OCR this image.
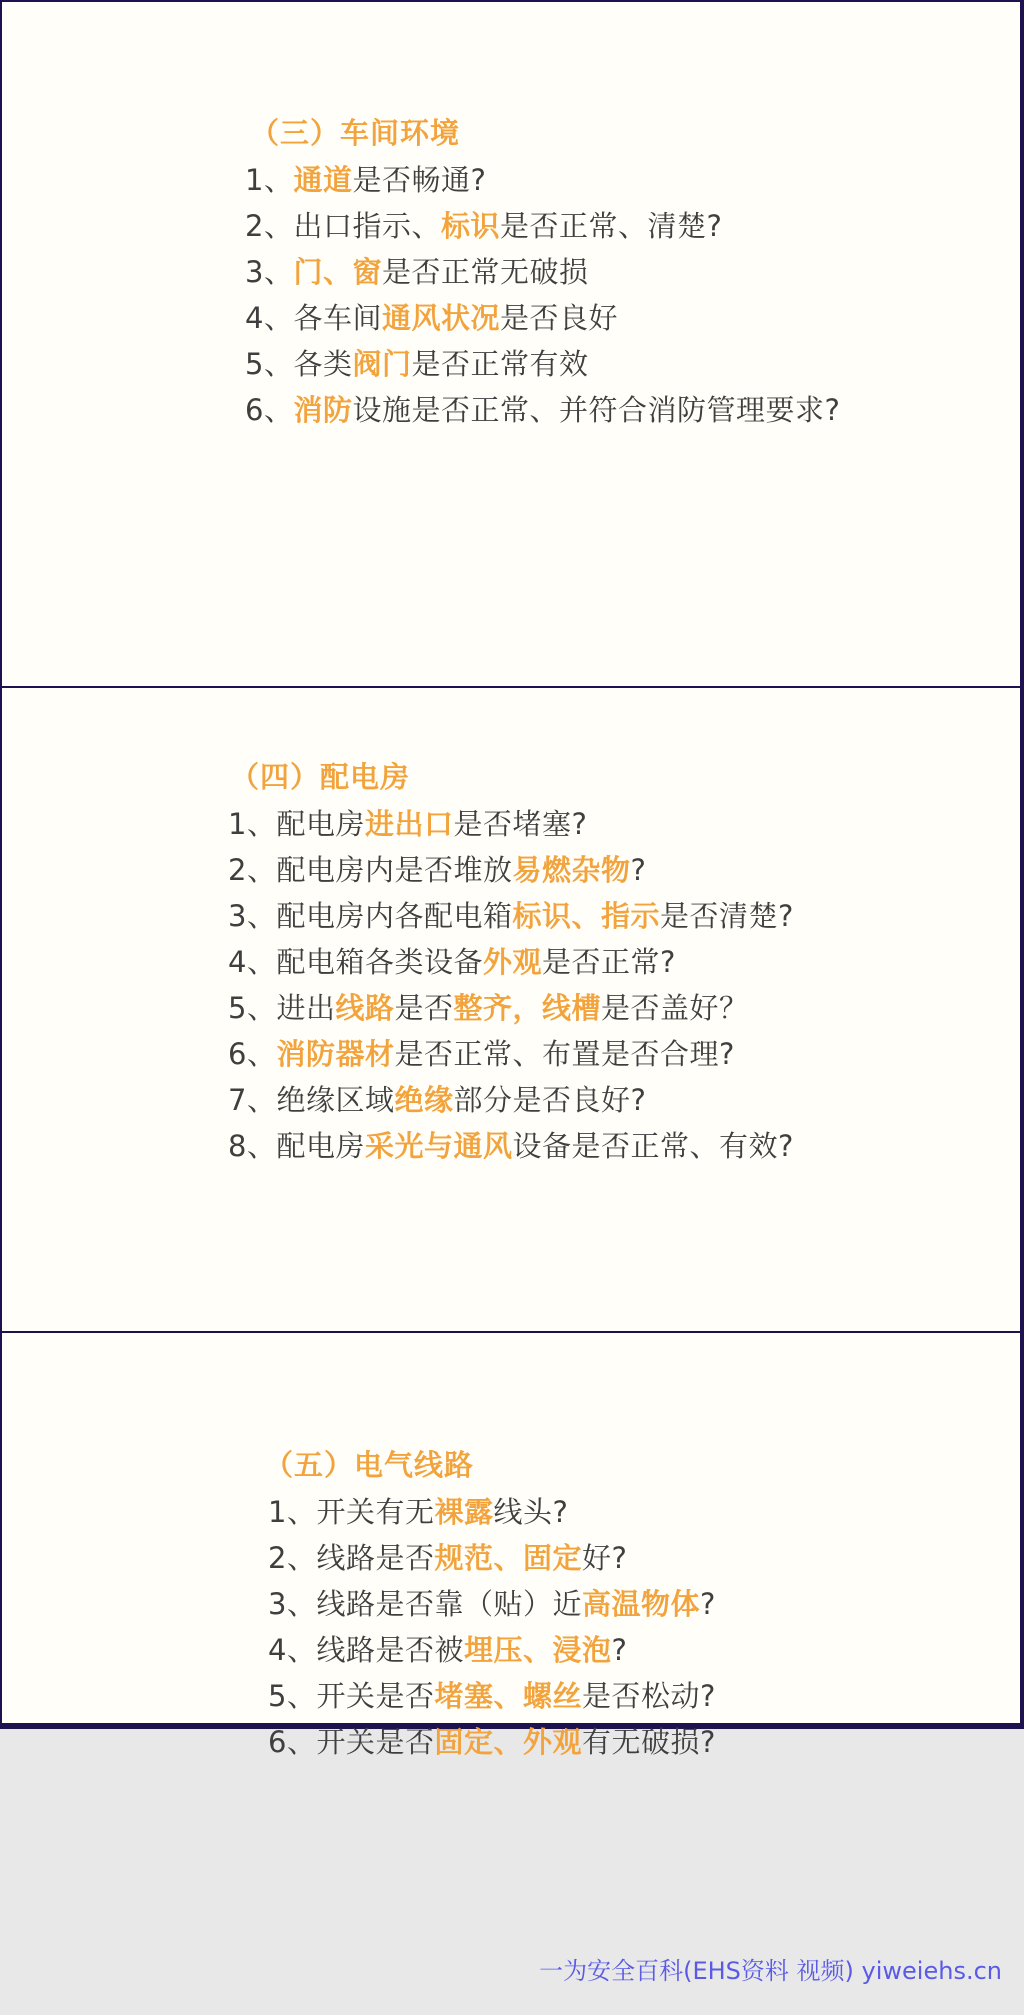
（三）车间环境
1、通道是否畅通?
2、出口指示、标识是否正常、清楚?
3、门、窗是否正常无破损
4、各车间通风状况是否良好
5、各类阀门是否正常有效
6、消防设施是否正常、并符合消防管理要求?
（四）配电房
1、配电房进出口是否堵塞?
2、配电房内是否堆放易燃杂物?
3、配电房内各配电箱标识、指示是否清楚?
4、配电箱各类设备外观是否正常?
5、进出线路是否整齐，线槽是否盖好？
6、消防器材是否正常、布置是否合理?
7、绝缘区域绝缘部分是否良好?
8、配电房采光与通风设备是否正常、有效?
（五）电气线路
1、开关有无裸露线头?
2、线路是否规范、固定好?
3、线路是否靠（贴）近高温物体?
4、线路是否被埋压、浸泡?
5、开关是否堵塞、螺丝是否松动?
6、开关是否固定、外观有无破损?
一为安全百科(EHS资料 视频) yiweiehs.cn
